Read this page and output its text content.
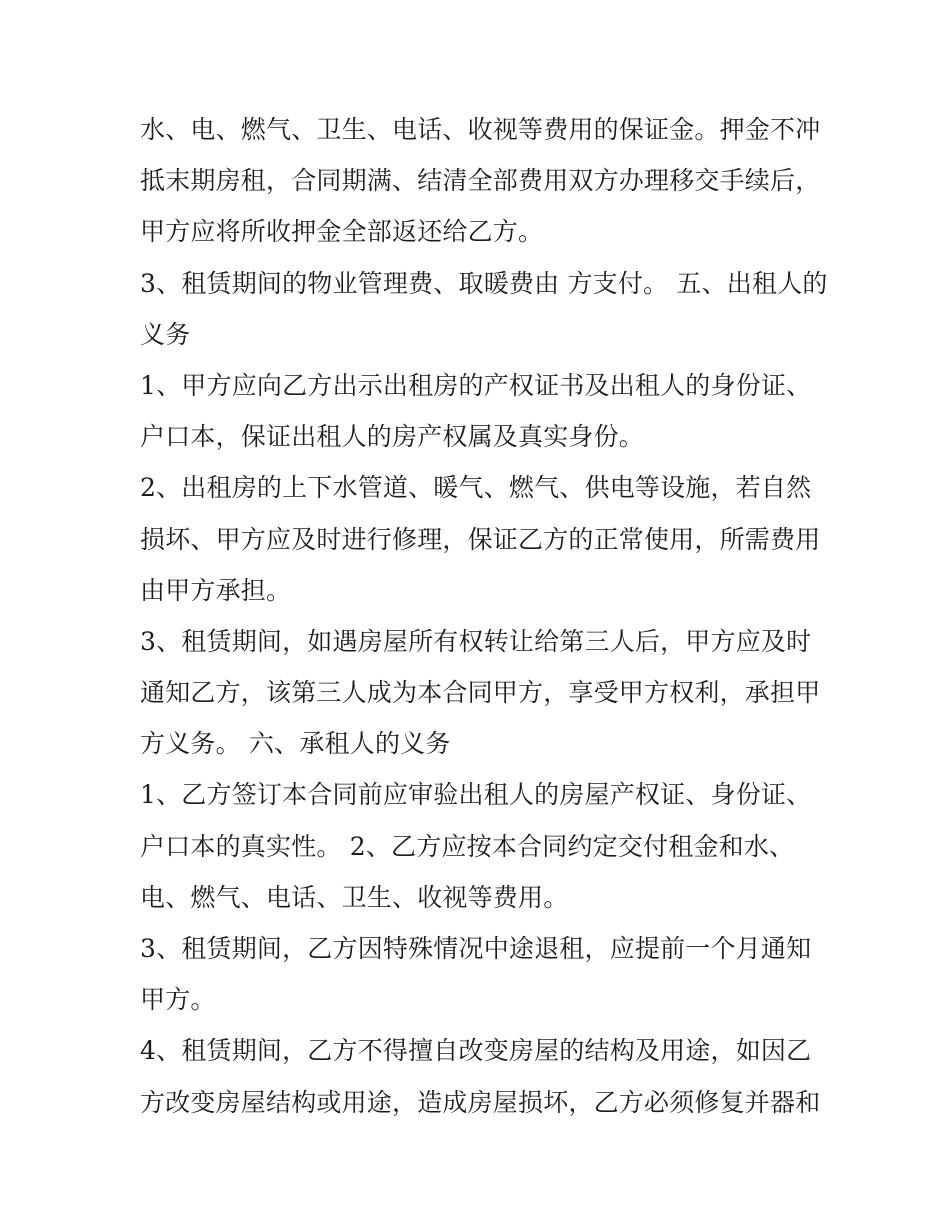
水、电、燃气、卫生、电话、收视等费用的保证金。押金不冲
抵末期房租，合同期满、结清全部费用双方办理移交手续后，
甲方应将所收押金全部返还给乙方。
3、租赁期间的物业管理费、取暖费由 方支付。 五、出租人的
义务
1、甲方应向乙方出示出租房的产权证书及出租人的身份证、
户口本，保证出租人的房产权属及真实身份。
2、出租房的上下水管道、暖气、燃气、供电等设施，若自然
损坏、甲方应及时进行修理，保证乙方的正常使用，所需费用
由甲方承担。
3、租赁期间，如遇房屋所有权转让给第三人后，甲方应及时
通知乙方，该第三人成为本合同甲方，享受甲方权利，承担甲
方义务。 六、承租人的义务
1、乙方签订本合同前应审验出租人的房屋产权证、身份证、
户口本的真实性。 2、乙方应按本合同约定交付租金和水、
电、燃气、电话、卫生、收视等费用。
3、租赁期间，乙方因特殊情况中途退租，应提前一个月通知
甲方。
4、租赁期间，乙方不得擅自改变房屋的结构及用途，如因乙
方改变房屋结构或用途，造成房屋损坏，乙方必须修复并器和
